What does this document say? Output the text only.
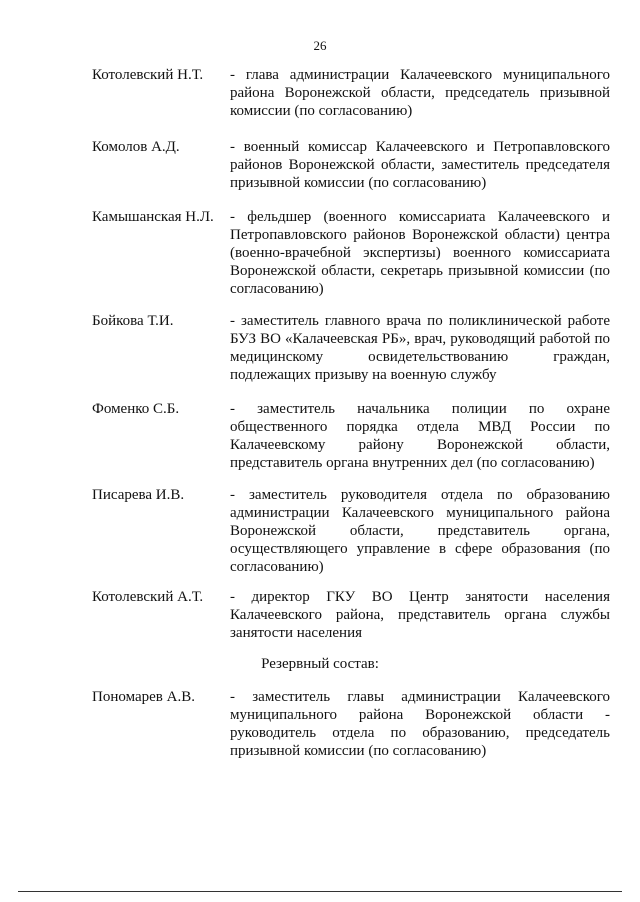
26
Котолевский Н.Т.	- глава администрации Калачеевского муниципального района Воронежской области, председатель призывной комиссии (по согласованию)
Комолов А.Д.	- военный комиссар Калачеевского и Петропавловского районов Воронежской области, заместитель председателя призывной комиссии (по согласованию)
Камышанская Н.Л.	- фельдшер (военного комиссариата Калачеевского и Петропавловского районов Воронежской области) центра (военно-врачебной экспертизы) военного комиссариата Воронежской области, секретарь призывной комиссии (по согласованию)
Бойкова Т.И.	- заместитель главного врача по поликлинической работе БУЗ ВО «Калачеевская РБ», врач, руководящий работой по медицинскому освидетельствованию граждан, подлежащих призыву на военную службу
Фоменко С.Б.	- заместитель начальника полиции по охране общественного порядка отдела МВД России по Калачеевскому району Воронежской области, представитель органа внутренних дел (по согласованию)
Писарева И.В.	- заместитель руководителя отдела по образованию администрации Калачеевского муниципального района Воронежской области, представитель органа, осуществляющего управление в сфере образования (по согласованию)
Котолевский А.Т.	- директор ГКУ ВО Центр занятости населения Калачеевского района, представитель органа службы занятости населения
Резервный состав:
Пономарев А.В.	- заместитель главы администрации Калачеевского муниципального района Воронежской области - руководитель отдела по образованию, председатель призывной комиссии (по согласованию)
